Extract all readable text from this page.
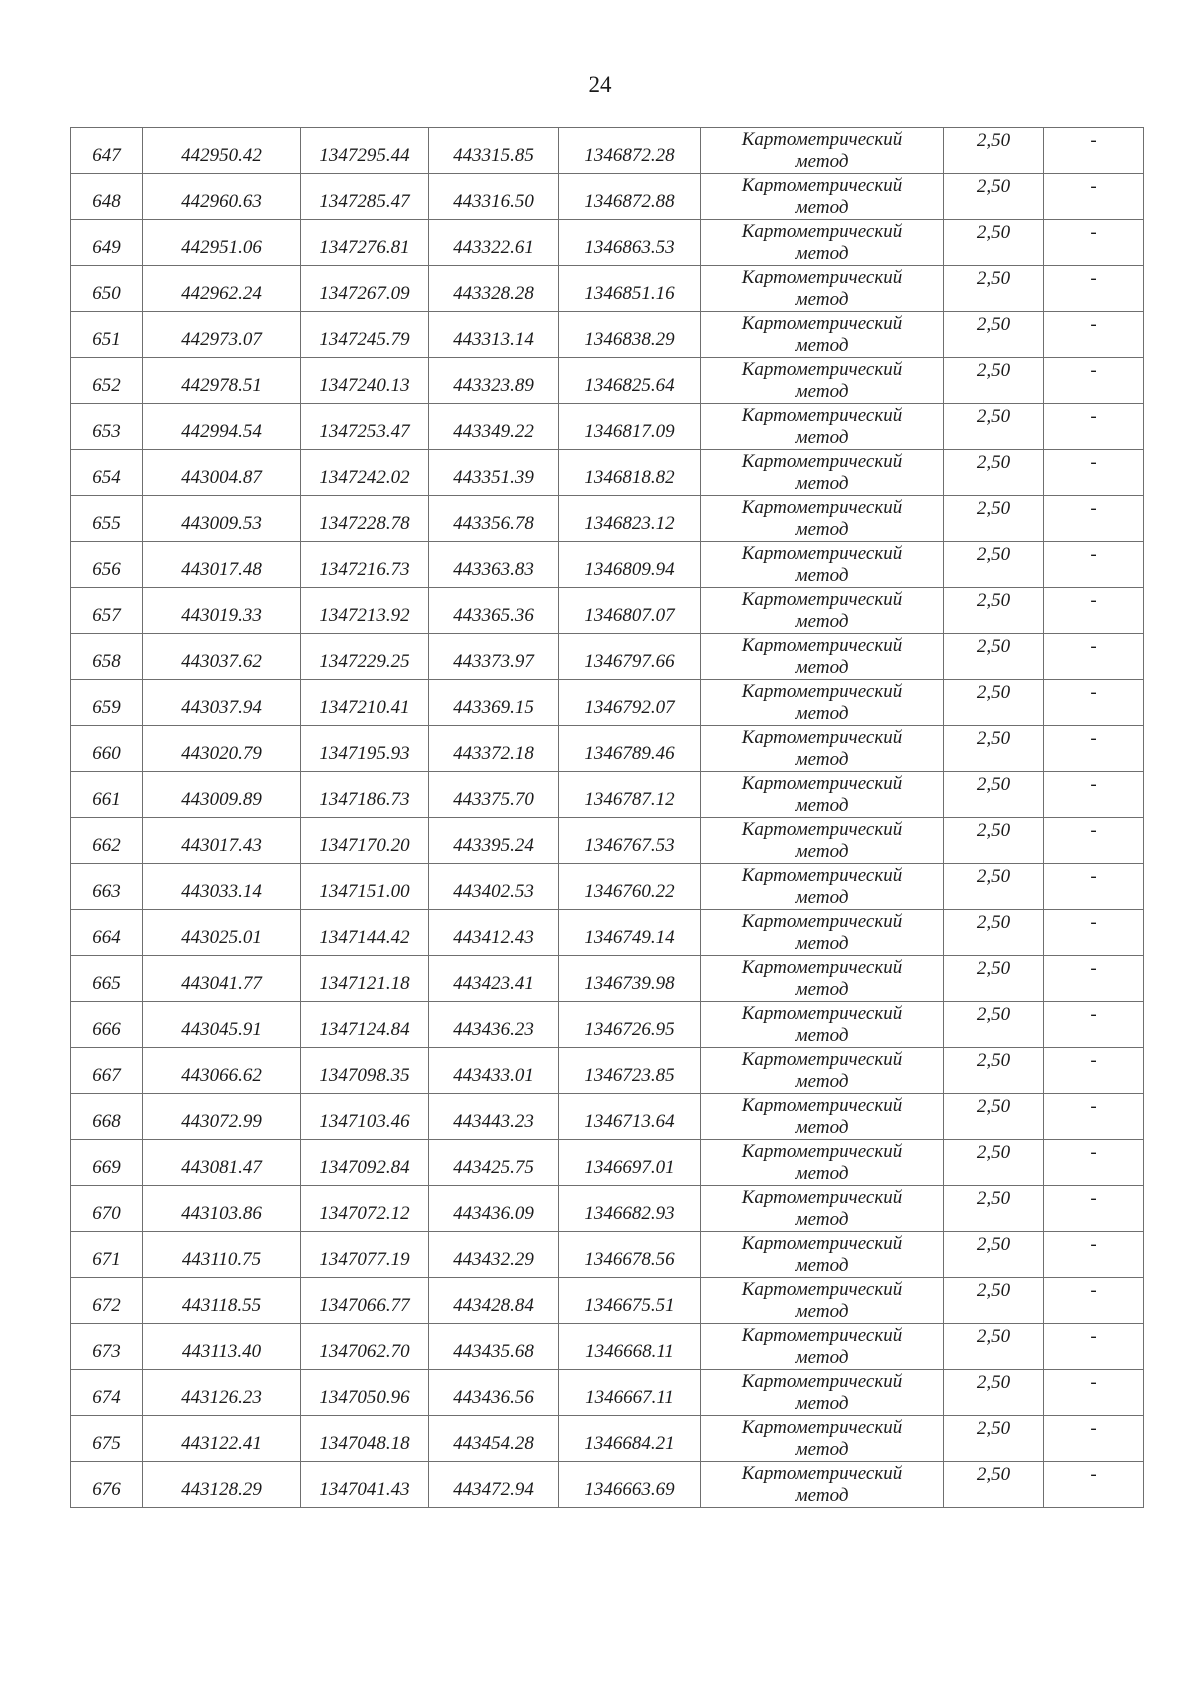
24
647	442950.42	1347295.44	443315.85	1346872.28	Картометрический
метод	2,50	-
648	442960.63	1347285.47	443316.50	1346872.88	Картометрический
метод	2,50	-
649	442951.06	1347276.81	443322.61	1346863.53	Картометрический
метод	2,50	-
650	442962.24	1347267.09	443328.28	1346851.16	Картометрический
метод	2,50	-
651	442973.07	1347245.79	443313.14	1346838.29	Картометрический
метод	2,50	-
652	442978.51	1347240.13	443323.89	1346825.64	Картометрический
метод	2,50	-
653	442994.54	1347253.47	443349.22	1346817.09	Картометрический
метод	2,50	-
654	443004.87	1347242.02	443351.39	1346818.82	Картометрический
метод	2,50	-
655	443009.53	1347228.78	443356.78	1346823.12	Картометрический
метод	2,50	-
656	443017.48	1347216.73	443363.83	1346809.94	Картометрический
метод	2,50	-
657	443019.33	1347213.92	443365.36	1346807.07	Картометрический
метод	2,50	-
658	443037.62	1347229.25	443373.97	1346797.66	Картометрический
метод	2,50	-
659	443037.94	1347210.41	443369.15	1346792.07	Картометрический
метод	2,50	-
660	443020.79	1347195.93	443372.18	1346789.46	Картометрический
метод	2,50	-
661	443009.89	1347186.73	443375.70	1346787.12	Картометрический
метод	2,50	-
662	443017.43	1347170.20	443395.24	1346767.53	Картометрический
метод	2,50	-
663	443033.14	1347151.00	443402.53	1346760.22	Картометрический
метод	2,50	-
664	443025.01	1347144.42	443412.43	1346749.14	Картометрический
метод	2,50	-
665	443041.77	1347121.18	443423.41	1346739.98	Картометрический
метод	2,50	-
666	443045.91	1347124.84	443436.23	1346726.95	Картометрический
метод	2,50	-
667	443066.62	1347098.35	443433.01	1346723.85	Картометрический
метод	2,50	-
668	443072.99	1347103.46	443443.23	1346713.64	Картометрический
метод	2,50	-
669	443081.47	1347092.84	443425.75	1346697.01	Картометрический
метод	2,50	-
670	443103.86	1347072.12	443436.09	1346682.93	Картометрический
метод	2,50	-
671	443110.75	1347077.19	443432.29	1346678.56	Картометрический
метод	2,50	-
672	443118.55	1347066.77	443428.84	1346675.51	Картометрический
метод	2,50	-
673	443113.40	1347062.70	443435.68	1346668.11	Картометрический
метод	2,50	-
674	443126.23	1347050.96	443436.56	1346667.11	Картометрический
метод	2,50	-
675	443122.41	1347048.18	443454.28	1346684.21	Картометрический
метод	2,50	-
676	443128.29	1347041.43	443472.94	1346663.69	Картометрический
метод	2,50	-
